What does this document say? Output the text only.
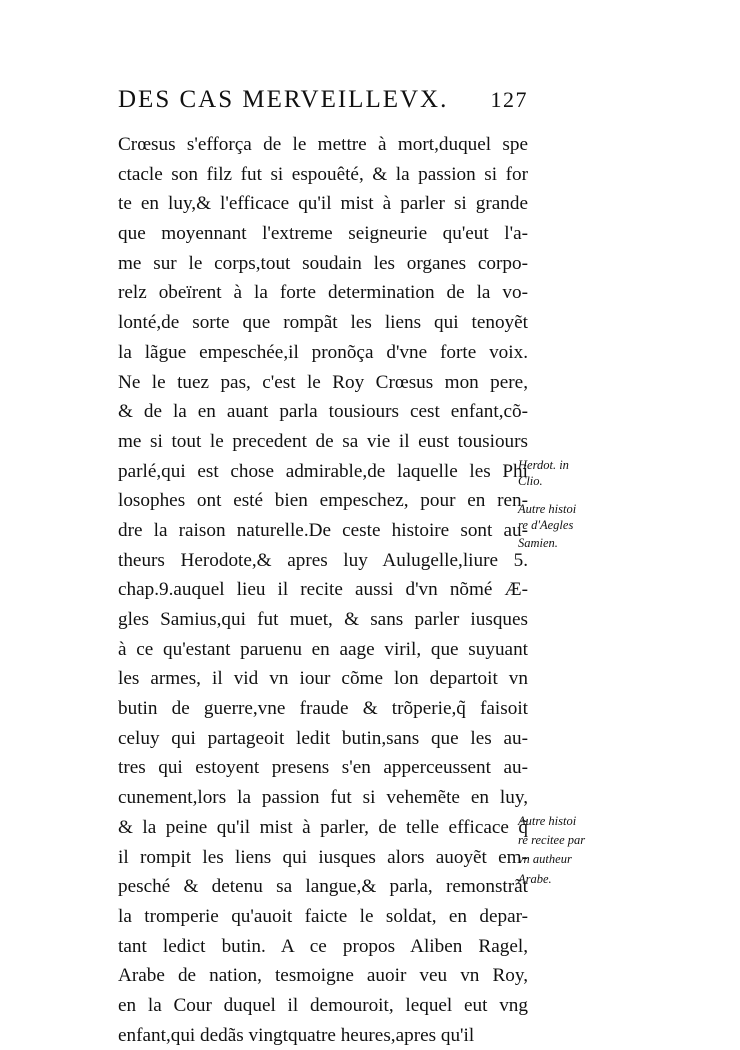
DES CAS MERVEILLEVX. 127
Crœsus s'efforça de le mettre à mort,duquel spe
ctacle son filz fut si espouêté, & la passion si for
te en luy,& l'efficace qu'il mist à parler si grande
que moyennant l'extreme seigneurie qu'eut l'a-
me sur le corps,tout soudain les organes corpo-
relz obeïrent à la forte determination de la vo-
lonté,de sorte que rompãt les liens qui tenoyẽt
la lãgue empeschée,il pronõça d'vne forte voix.
Ne le tuez pas, c'est le Roy Crœsus mon pere,
& de la en auant parla tousiours cest enfant,cõ-
me si tout le precedent de sa vie il eust tousiours
parlé,qui est chose admirable,de laquelle les Phi
losophes ont esté bien empeschez, pour en ren-
dre la raison naturelle.De ceste histoire sont au-
theurs Herodote,& apres luy Aulugelle,liure 5.
chap.9.auquel lieu il recite aussi d'vn nõmé Æ-
gles Samius,qui fut muet, & sans parler iusques
à ce qu'estant paruenu en aage viril, que suyuant
les armes, il vid vn iour cõme lon departoit vn
butin de guerre,vne fraude & trõperie,q̃ faisoit
celuy qui partageoit ledit butin,sans que les au-
tres qui estoyent presens s'en apperceussent au-
cunement,lors la passion fut si vehemẽte en luy,
& la peine qu'il mist à parler, de telle efficace q̃
il rompit les liens qui iusques alors auoyẽt em-
pesché & detenu sa langue,& parla, remonstrãt
la tromperie qu'auoit faicte le soldat, en depar-
tant ledict butin. A ce propos Aliben Ragel,
Arabe de nation, tesmoigne auoir veu vn Roy,
en la Cour duquel il demouroit, lequel eut vng
enfant,qui dedãs vingtquatre heures,apres qu'il
Herdot. in
Clio.
Autre histoi
re d'Aegles
Samien.
Autre histoi
re recitee par
vn autheur
Arabe.
